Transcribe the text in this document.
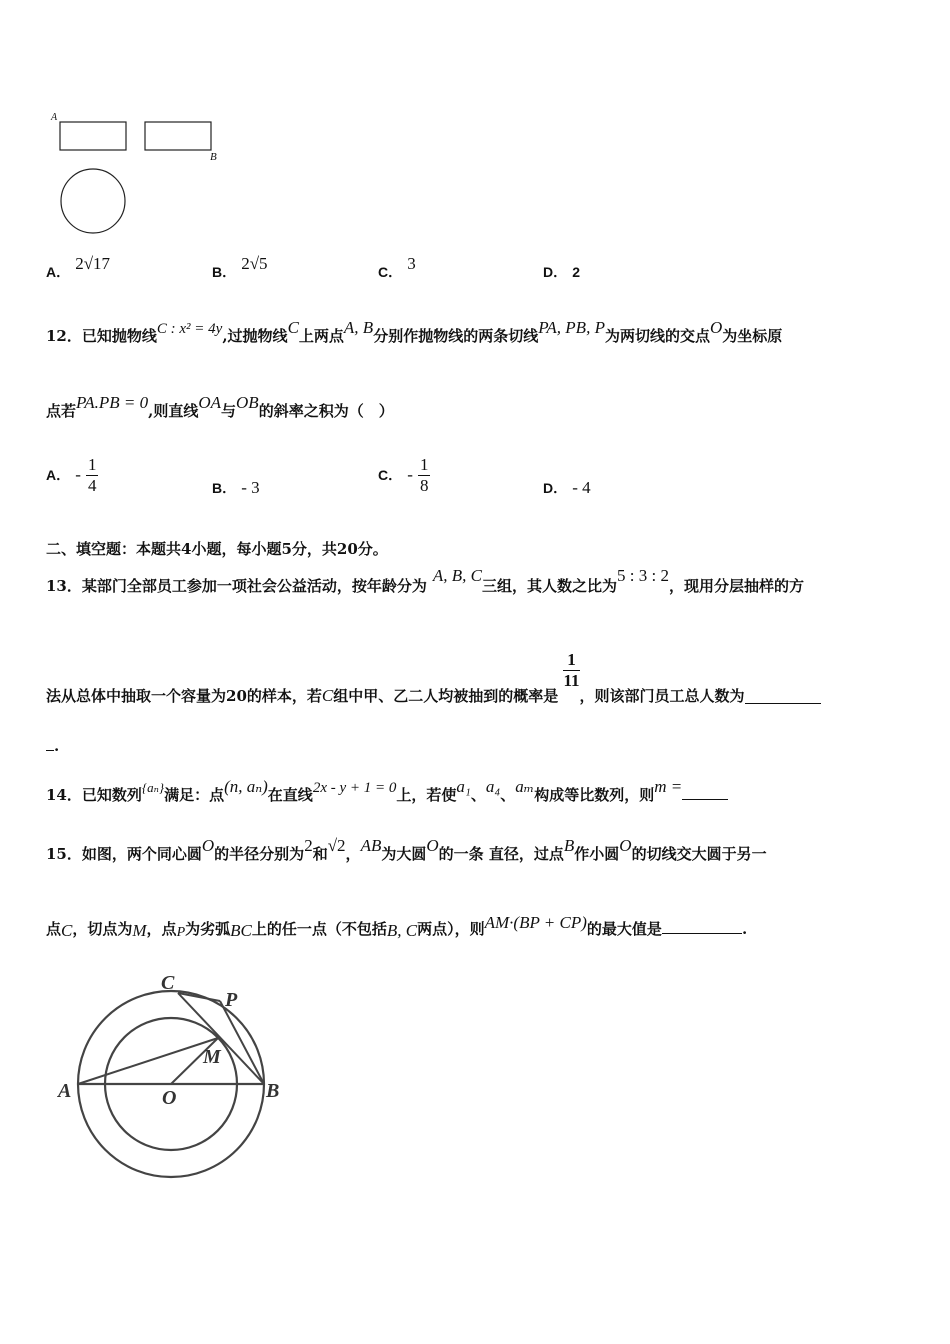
A
B
A． 2√17	B． 2√5	C． 3	D． 2
12．已知抛物线C : x² = 4y,过抛物线C上两点A, B分别作抛物线的两条切线PA, PB, P为两切线的交点O为坐标原
点若PA.PB = 0,则直线OA与OB的斜率之积为（　）
A． - $\frac{1}{4}$	B． - 3
C． - $\frac{1}{8}$	D． - 4
二、填空题：本题共4小题，每小题5分，共20分。
13．某部门全部员工参加一项社会公益活动，按年龄分为A, B, C三组，其人数之比为5 : 3 : 2，现用分层抽样的方
法从总体中抽取一个容量为20的样本，若C组中甲、乙二人均被抽到的概率是
$\frac{1}{11}$
，则该部门员工总人数为
.
14．已知数列{aₙ}满足：点(n, aₙ)在直线2x - y + 1 = 0上，若使a₁、a₄、aₘ构成等比数列，则m =
15．如图，两个同心圆O的半径分别为2和√2，AB为大圆O的一条 直径，过点B作小圆O的切线交大圆于另一
点C，切点为M，点P为劣弧BC上的任一点（不包括B, C两点），则AM·(BP + CP)的最大值是	.
C
P
M
A	O	B
